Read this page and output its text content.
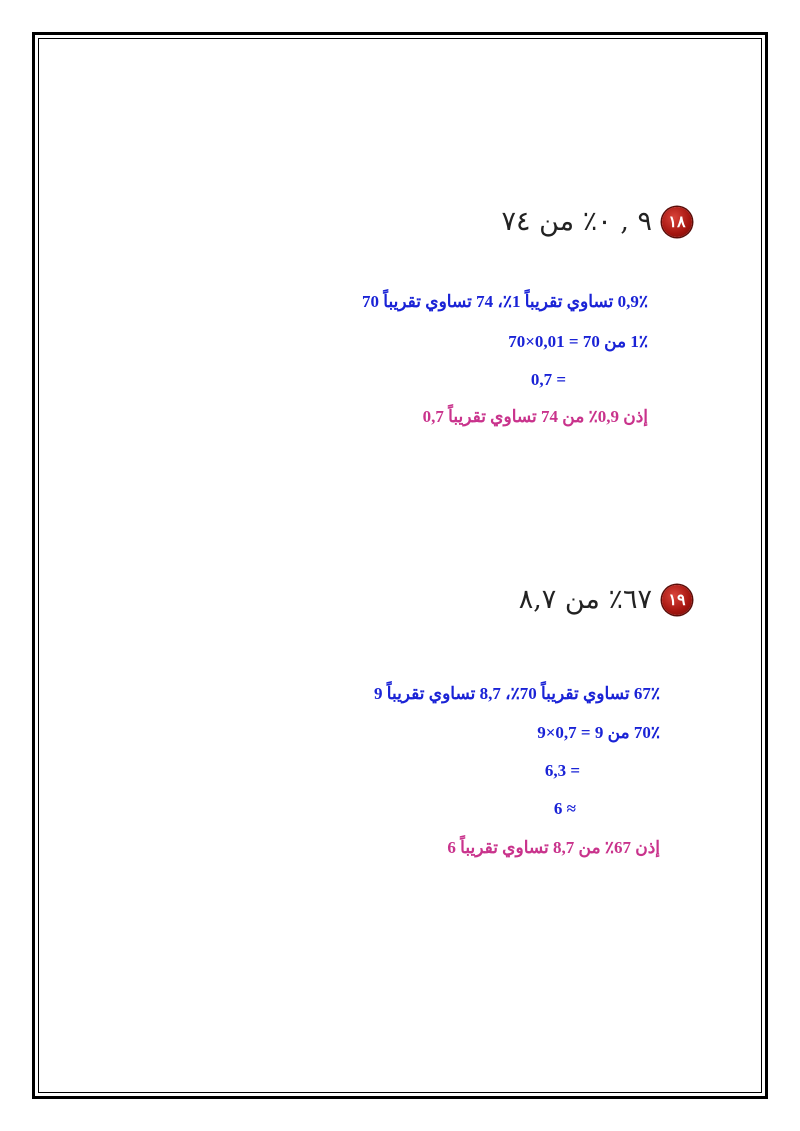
١٨
٩ , ٠٪ من ٧٤
0,9٪ تساوي تقريباً 1٪، 74 تساوي تقريباً 70
1٪ من 70 = 0,01×70
= 0,7
إذن 0,9٪ من 74 تساوي تقريباً 0,7
١٩
٦٧٪ من ٨,٧
67٪ تساوي تقريباً 70٪، 8,7 تساوي تقريباً 9
70٪ من 9 = 0,7×9
= 6,3
≈ 6
إذن 67٪ من 8,7 تساوي تقريباً 6
